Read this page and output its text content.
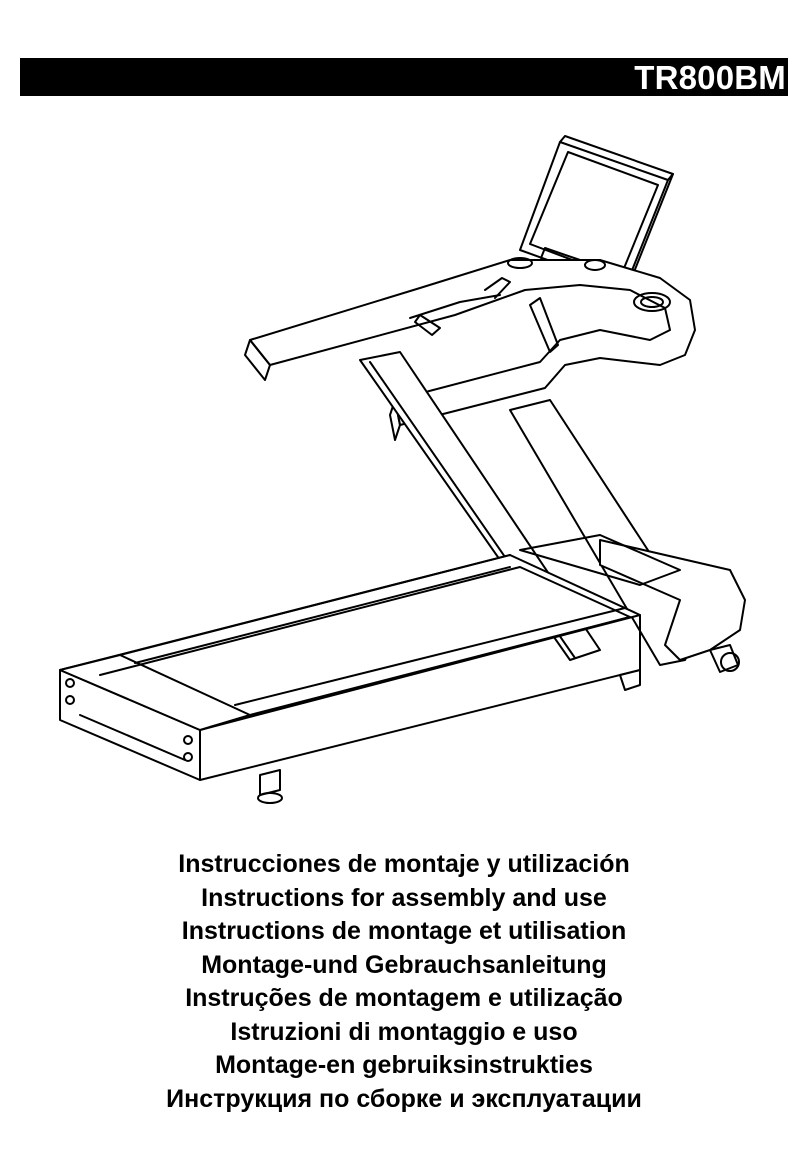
TR800BM
Instrucciones de montaje y utilización
Instructions for assembly and use
Instructions de montage et utilisation
Montage-und Gebrauchsanleitung
Instruções de montagem e utilização
Istruzioni di montaggio e uso
Montage-en gebruiksinstrukties
Инструкция по сборке и эксплуатации
